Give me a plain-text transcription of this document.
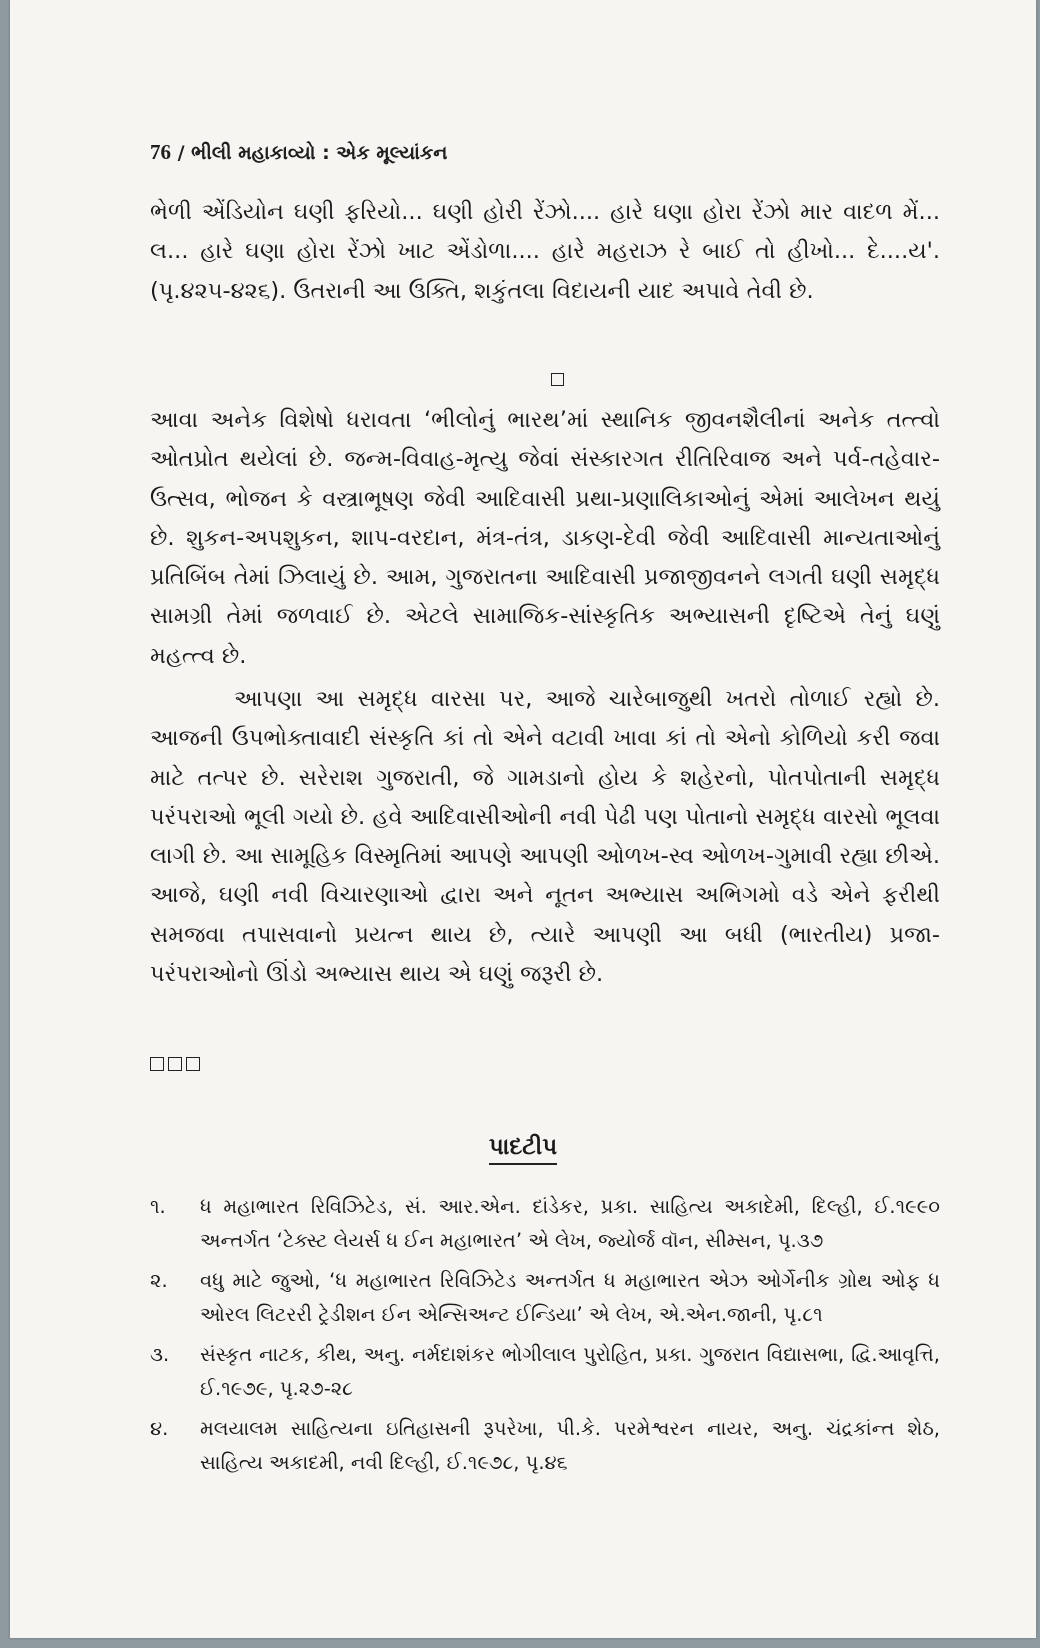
76 / ભીલી મહાકાવ્યો : એક મૂલ્યાંકન

ભેળી એંડિયોન ઘણી ફરિયો... ઘણી હોરી રેંઝો.... હારે ઘણા હોરા રેંઝો માર વાદળ મેં... લ... હારે ઘણા હોરા રેંઝો ખાટ એંડોળા.... હારે મહરાઝ રે બાઈ તો હીખો... દે....ય'. (પૃ.૪૨૫-૪૨૬). ઉતરાની આ ઉક્તિ, શકુંતલા વિદાયની યાદ અપાવે તેવી છે.

આવા અનેક વિશેષો ધરાવતા ‘ભીલોનું ભારથ’માં સ્થાનિક જીવનશૈલીનાં અનેક તત્ત્વો ઓતપ્રોત થયેલાં છે. જન્મ-વિવાહ-મૃત્યુ જેવાં સંસ્કારગત રીતિરિવાજ અને પર્વ-તહેવાર-ઉત્સવ, ભોજન કે વસ્ત્રાભૂષણ જેવી આદિવાસી પ્રથા-પ્રણાલિકાઓનું એમાં આલેખન થયું છે. શુકન-અપશુકન, શાપ-વરદાન, મંત્ર-તંત્ર, ડાકણ-દેવી જેવી આદિવાસી માન્યતાઓનું પ્રતિબિંબ તેમાં ઝિલાયું છે. આમ, ગુજરાતના આદિવાસી પ્રજાજીવનને લગતી ઘણી સમૃદ્ધ સામગ્રી તેમાં જળવાઈ છે. એટલે સામાજિક-સાંસ્કૃતિક અભ્યાસની દૃષ્ટિએ તેનું ઘણું મહત્ત્વ છે.

આપણા આ સમૃદ્ધ વારસા પર, આજે ચારેબાજુથી ખતરો તોળાઈ રહ્યો છે. આજની ઉપભોક્તાવાદી સંસ્કૃતિ કાં તો એને વટાવી ખાવા કાં તો એનો કોળિયો કરી જવા માટે તત્પર છે. સરેરાશ ગુજરાતી, જે ગામડાનો હોય કે શહેરનો, પોતપોતાની સમૃદ્ધ પરંપરાઓ ભૂલી ગયો છે. હવે આદિવાસીઓની નવી પેઢી પણ પોતાનો સમૃદ્ધ વારસો ભૂલવા લાગી છે. આ સામૂહિક વિસ્મૃતિમાં આપણે આપણી ઓળખ-સ્વ ઓળખ-ગુમાવી રહ્યા છીએ. આજે, ઘણી નવી વિચારણાઓ દ્વારા અને નૂતન અભ્યાસ અભિગમો વડે એને ફરીથી સમજવા તપાસવાનો પ્રયત્ન થાય છે, ત્યારે આપણી આ બધી (ભારતીય) પ્રજા-પરંપરાઓનો ઊંડો અભ્યાસ થાય એ ઘણું જરૂરી છે.

પાદટીપ
૧.	ધ મહાભારત રિવિઝિટેડ, સં. આર.એન. દાંડેકર, પ્રકા. સાહિત્ય અકાદેમી, દિલ્હી, ઈ.૧૯૯૦ અન્તર્ગત ‘ટેક્સ્ટ લેયર્સ ધ ઈન મહાભારત’ એ લેખ, જ્યોર્જ વૉન, સીમ્સન, પૃ.૩૭
૨.	વધુ માટે જુઓ, ‘ધ મહાભારત રિવિઝિટેડ અન્તર્ગત ધ મહાભારત એઝ ઓર્ગેનીક ગ્રોથ ઓફ ધ ઓરલ લિટરરી ટ્રેડીશન ઈન એન્સિઅન્ટ ઈન્ડિયા’ એ લેખ, એ.એન.જાની, પૃ.૮૧
૩.	સંસ્કૃત નાટક, કીથ, અનુ. નર્મદાશંકર ભોગીલાલ પુરોહિત, પ્રકા. ગુજરાત વિદ્યાસભા, દ્વિ.આવૃત્તિ, ઈ.૧૯૭૯, પૃ.૨૭-૨૮
૪.	મલયાલમ સાહિત્યના ઇતિહાસની રૂપરેખા, પી.કે. પરમેશ્વરન નાયર, અનુ. ચંદ્રકાંન્ત શેઠ, સાહિત્ય અકાદમી, નવી દિલ્હી, ઈ.૧૯૭૮, પૃ.૪૬
